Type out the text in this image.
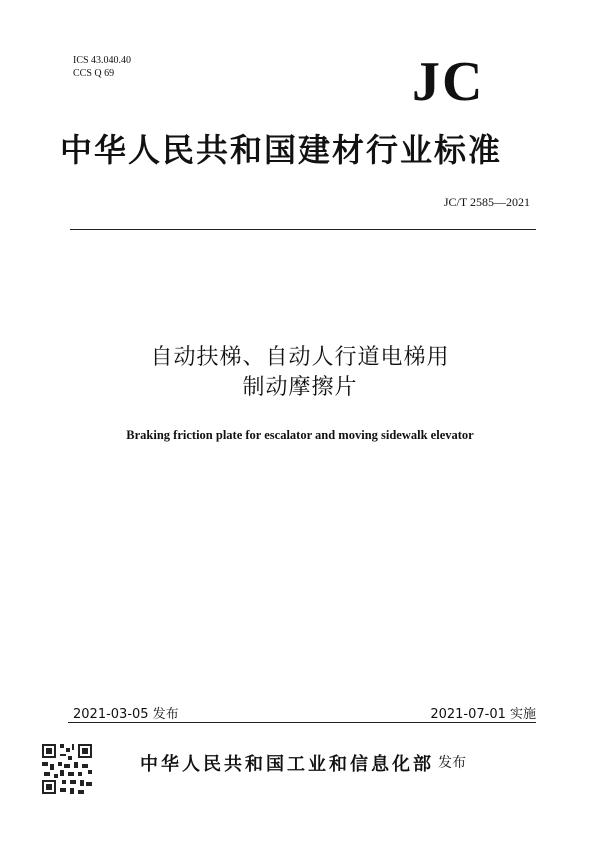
ICS 43.040.40
CCS Q 69	JC
中华人民共和国建材行业标准
JC/T 2585—2021
自动扶梯、自动人行道电梯用
制动摩擦片
Braking friction plate for escalator and moving sidewalk elevator
2021-03-05 发布	2021-07-01 实施
中华人民共和国工业和信息化部 发布
